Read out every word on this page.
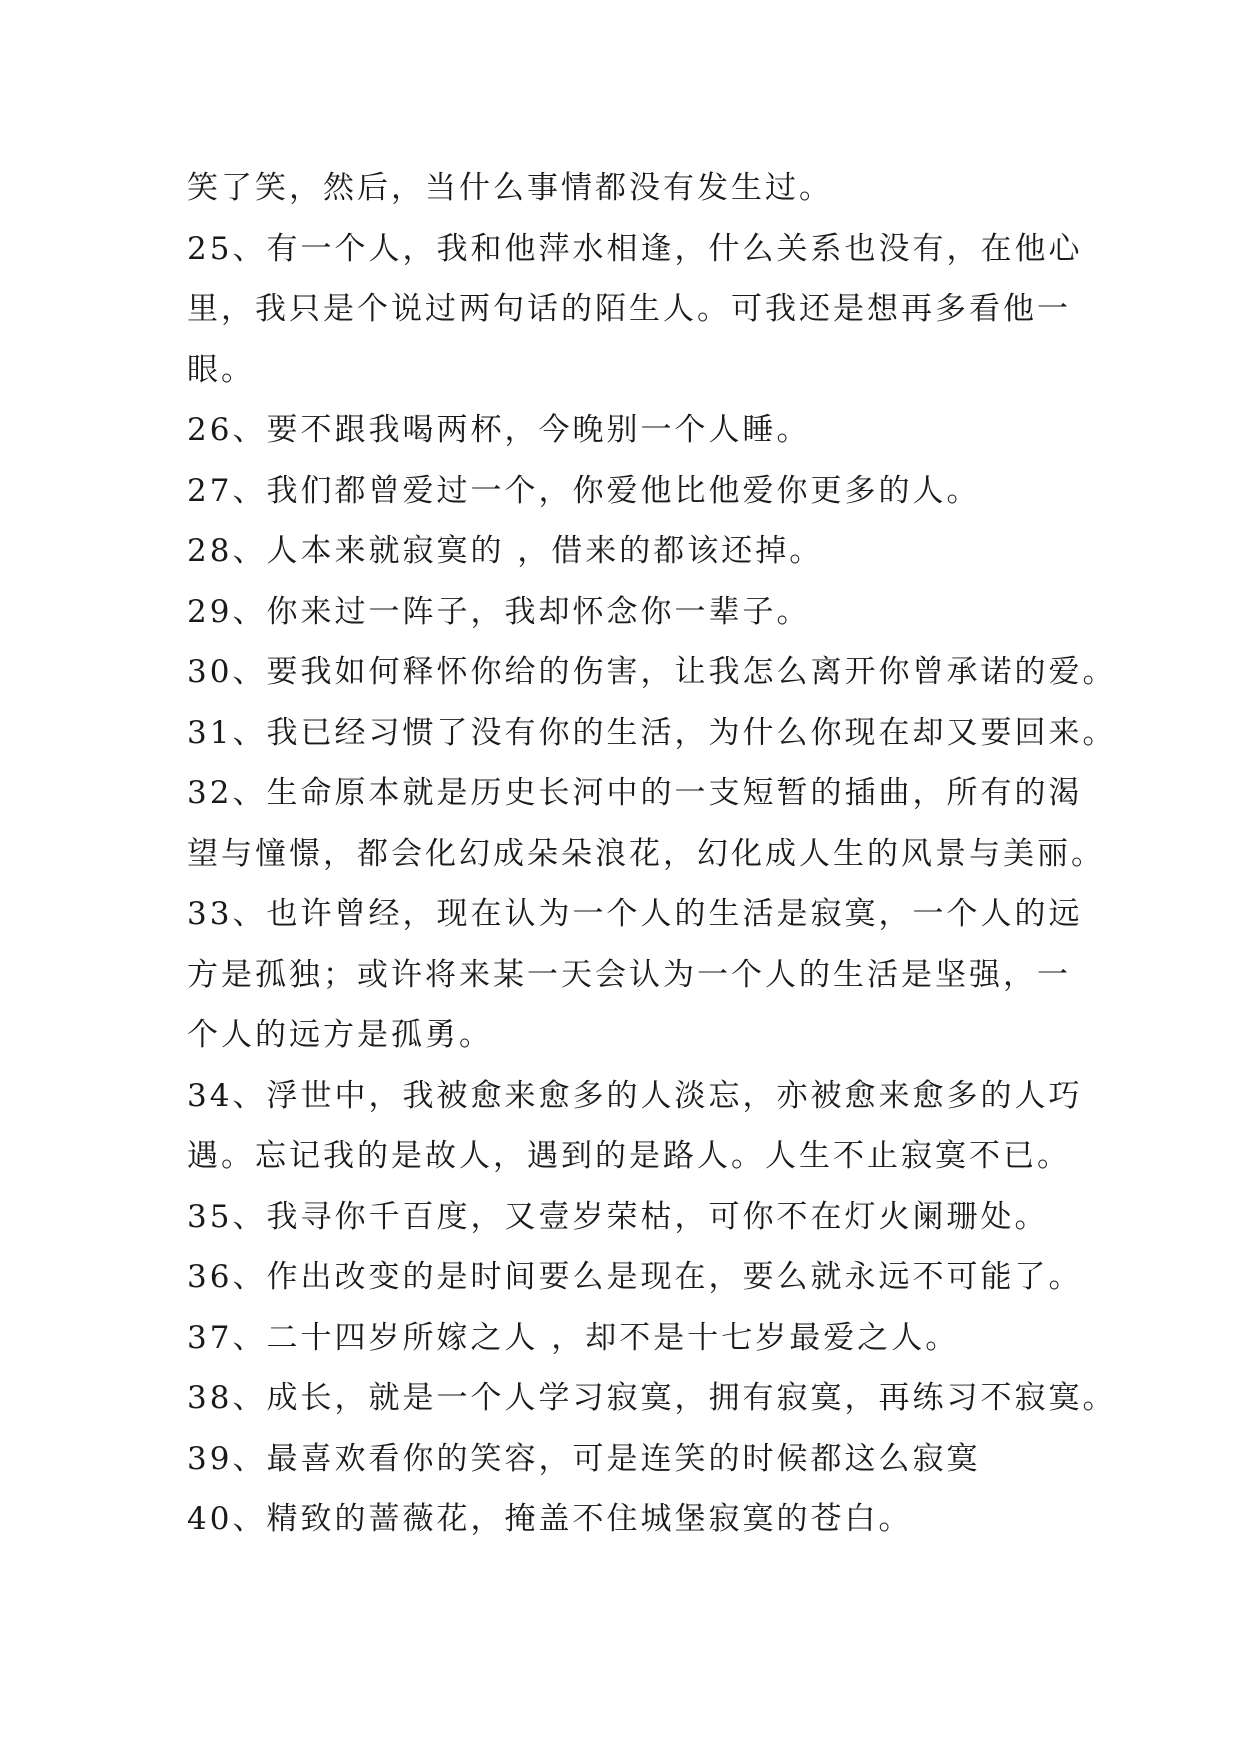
笑了笑，然后，当什么事情都没有发生过。
25、有一个人，我和他萍水相逢，什么关系也没有，在他心
里，我只是个说过两句话的陌生人。可我还是想再多看他一
眼。
26、要不跟我喝两杯，今晚别一个人睡。
27、我们都曾爱过一个，你爱他比他爱你更多的人。
28、人本来就寂寞的 ，借来的都该还掉。
29、你来过一阵子，我却怀念你一辈子。
30、要我如何释怀你给的伤害，让我怎么离开你曾承诺的爱。
31、我已经习惯了没有你的生活，为什么你现在却又要回来。
32、生命原本就是历史长河中的一支短暂的插曲，所有的渴
望与憧憬，都会化幻成朵朵浪花，幻化成人生的风景与美丽。
33、也许曾经，现在认为一个人的生活是寂寞，一个人的远
方是孤独；或许将来某一天会认为一个人的生活是坚强，一
个人的远方是孤勇。
34、浮世中，我被愈来愈多的人淡忘，亦被愈来愈多的人巧
遇。忘记我的是故人，遇到的是路人。人生不止寂寞不已。
35、我寻你千百度，又壹岁荣枯，可你不在灯火阑珊处。
36、作出改变的是时间要么是现在，要么就永远不可能了。
37、二十四岁所嫁之人 ，却不是十七岁最爱之人。
38、成长，就是一个人学习寂寞，拥有寂寞，再练习不寂寞。
39、最喜欢看你的笑容，可是连笑的时候都这么寂寞
40、精致的蔷薇花，掩盖不住城堡寂寞的苍白。
